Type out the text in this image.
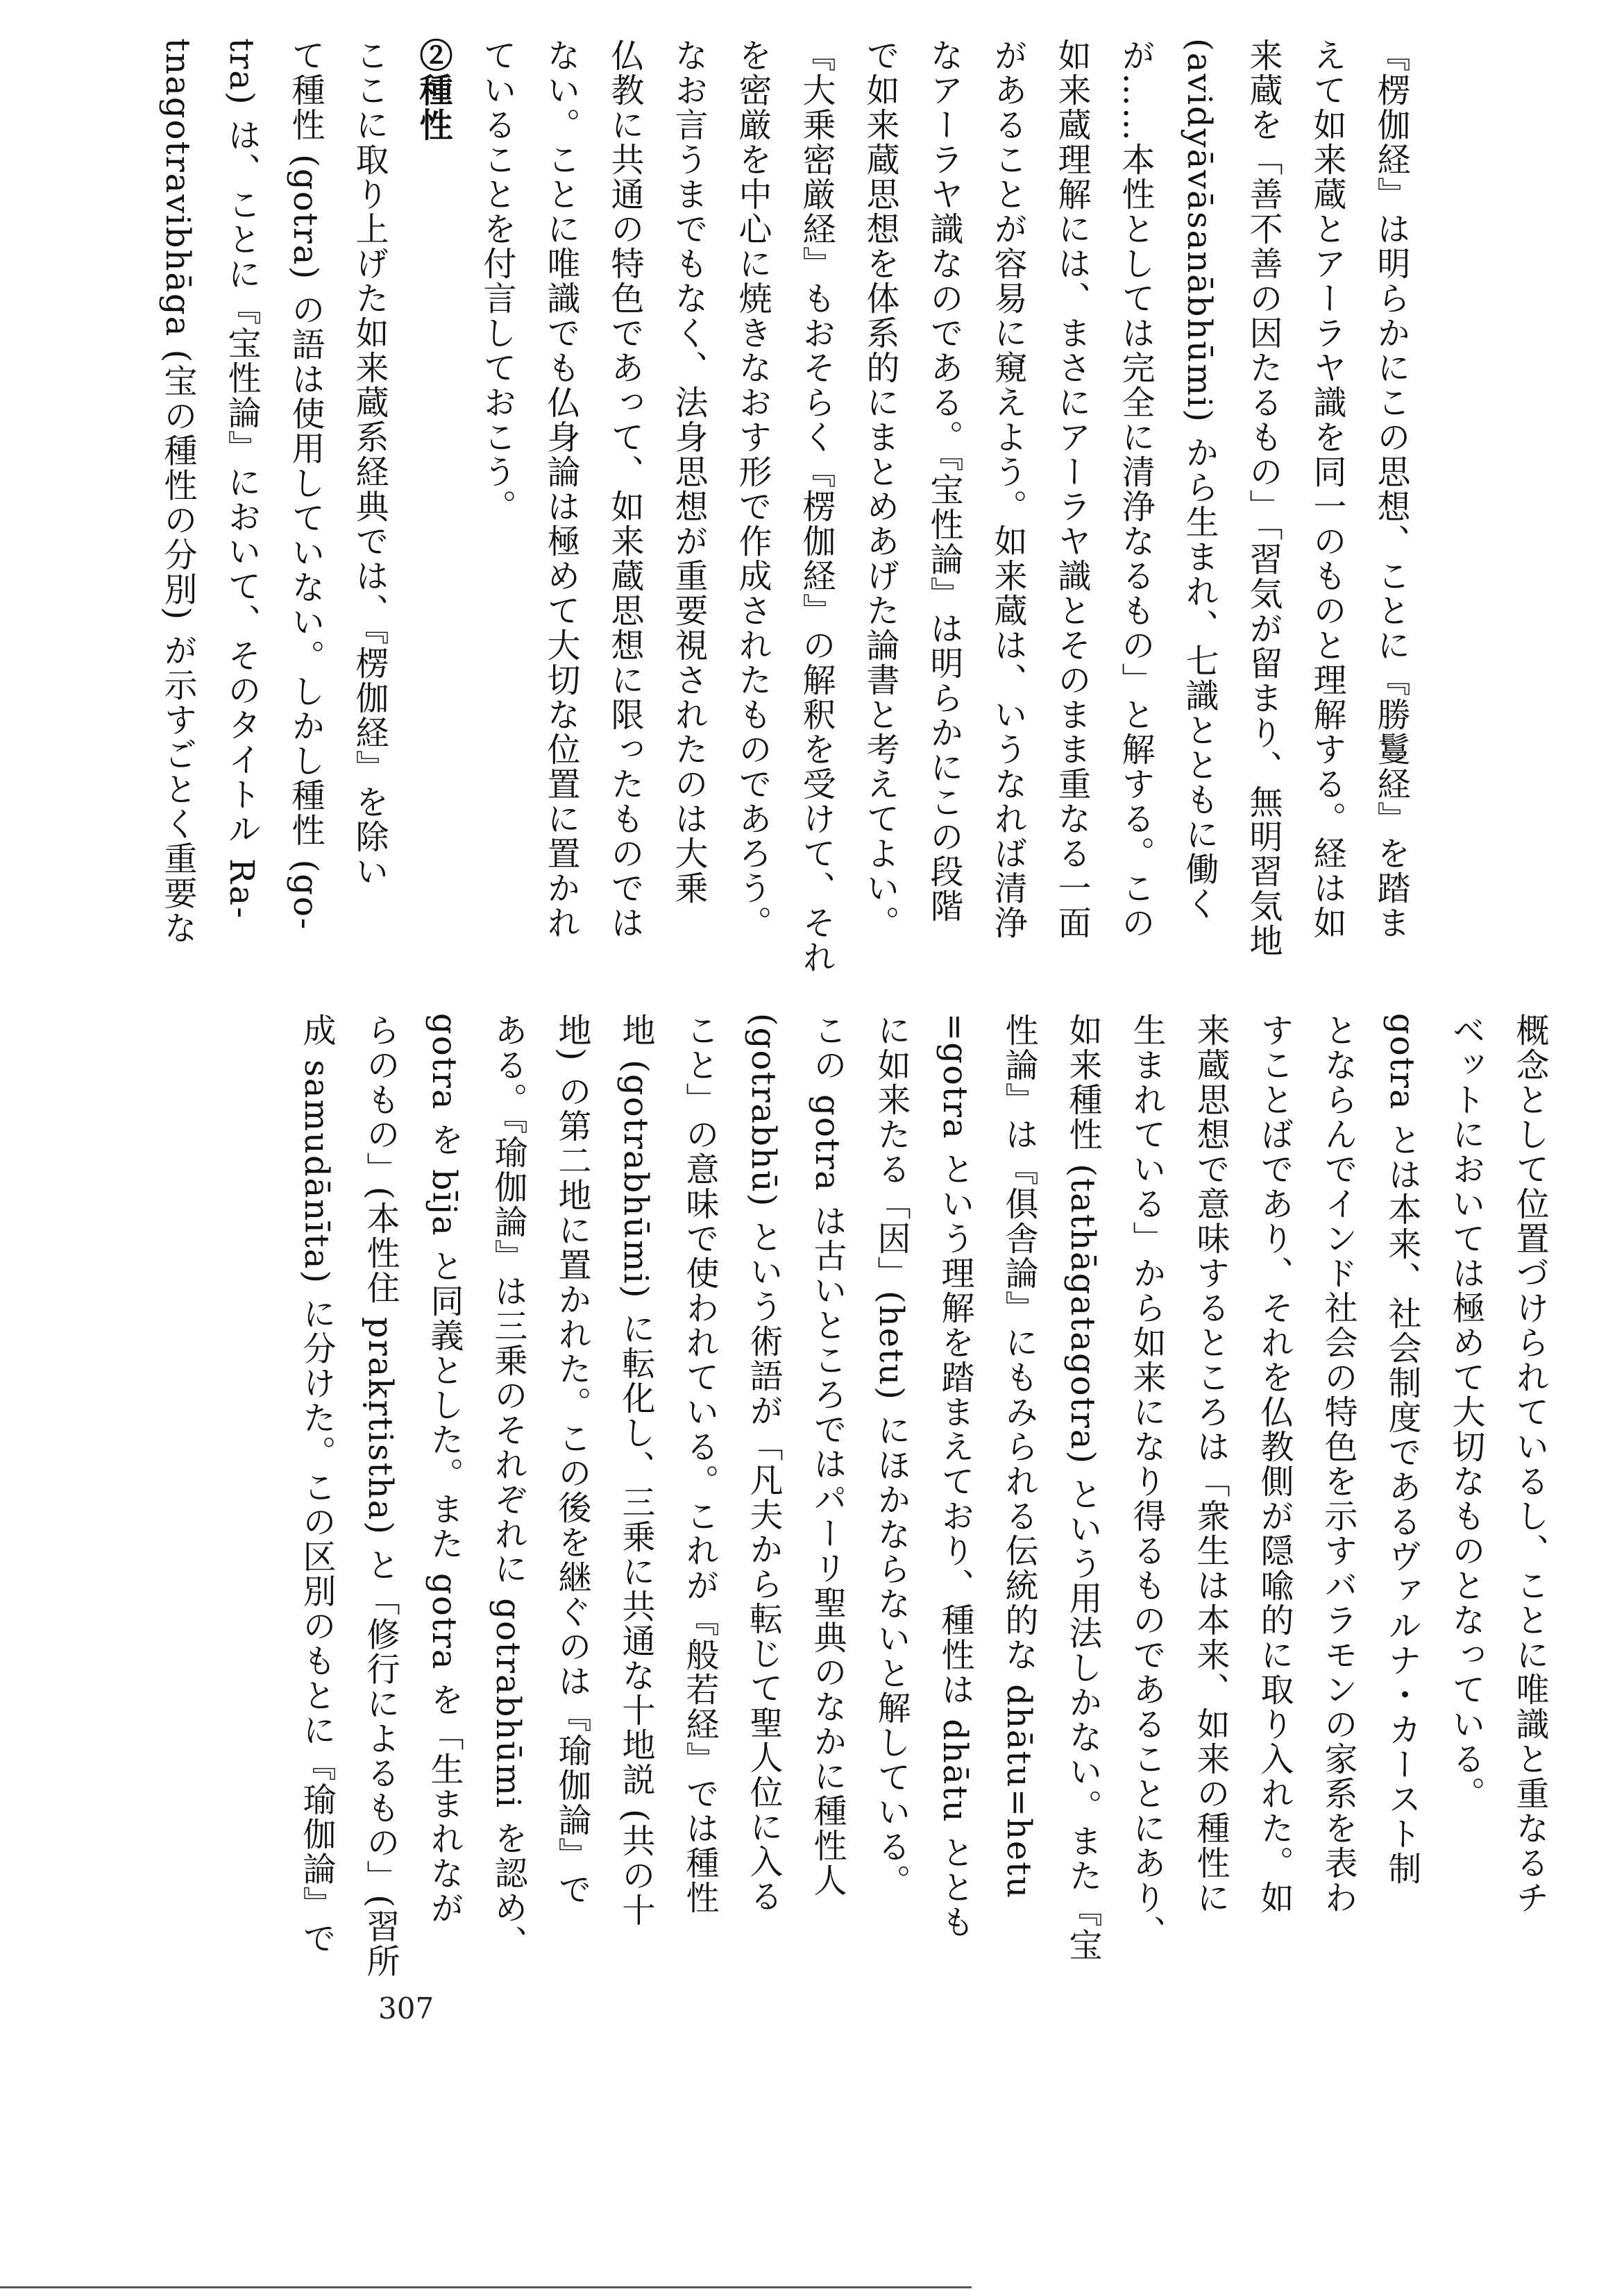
『楞伽経』は明らかにこの思想、ことに『勝鬘経』を踏ま
えて如来蔵とアーラヤ識を同一のものと理解する。経は如
来蔵を「善不善の因たるもの」「習気が留まり、無明習気地
(avidyāvāsanābhūmi) から生まれ、七識とともに働く
が……本性としては完全に清浄なるもの」と解する。この
如来蔵理解には、まさにアーラヤ識とそのまま重なる一面
があることが容易に窺えよう。如来蔵は、いうなれば清浄
なアーラヤ識なのである。『宝性論』は明らかにこの段階
で如来蔵思想を体系的にまとめあげた論書と考えてよい。
『大乗密厳経』もおそらく『楞伽経』の解釈を受けて、それ
を密厳を中心に焼きなおす形で作成されたものであろう。
なお言うまでもなく、法身思想が重要視されたのは大乗
仏教に共通の特色であって、如来蔵思想に限ったものでは
ない。ことに唯識でも仏身論は極めて大切な位置に置かれ
ていることを付言しておこう。
②種性
ここに取り上げた如来蔵系経典では、『楞伽経』を除い
て種性 (gotra) の語は使用していない。しかし種性 (go-
tra) は、ことに『宝性論』において、そのタイトル Ra-
tnagotravibhāga (宝の種性の分別) が示すごとく重要な
概念として位置づけられているし、ことに唯識と重なるチ
ベットにおいては極めて大切なものとなっている。
gotra とは本来、社会制度であるヴァルナ・カースト制
とならんでインド社会の特色を示すバラモンの家系を表わ
すことばであり、それを仏教側が隠喩的に取り入れた。如
来蔵思想で意味するところは「衆生は本来、如来の種性に
生まれている」から如来になり得るものであることにあり、
如来種性 (tathāgatagotra) という用法しかない。また『宝
性論』は『俱舎論』にもみられる伝統的な dhātu=hetu
=gotra という理解を踏まえており、種性は dhātu ととも
に如来たる「因」(hetu) にほかならないと解している。
この gotra は古いところではパーリ聖典のなかに種性人
(gotrabhū) という術語が「凡夫から転じて聖人位に入る
こと」の意味で使われている。これが『般若経』では種性
地 (gotrabhūmi) に転化し、三乗に共通な十地説 (共の十
地) の第二地に置かれた。この後を継ぐのは『瑜伽論』で
ある。『瑜伽論』は三乗のそれぞれに gotrabhūmi を認め、
gotra を bīja と同義とした。また gotra を「生まれなが
らのもの」(本性住 prakṛtistha) と「修行によるもの」(習所
成 samudānīta) に分けた。この区別のもとに『瑜伽論』で
307
